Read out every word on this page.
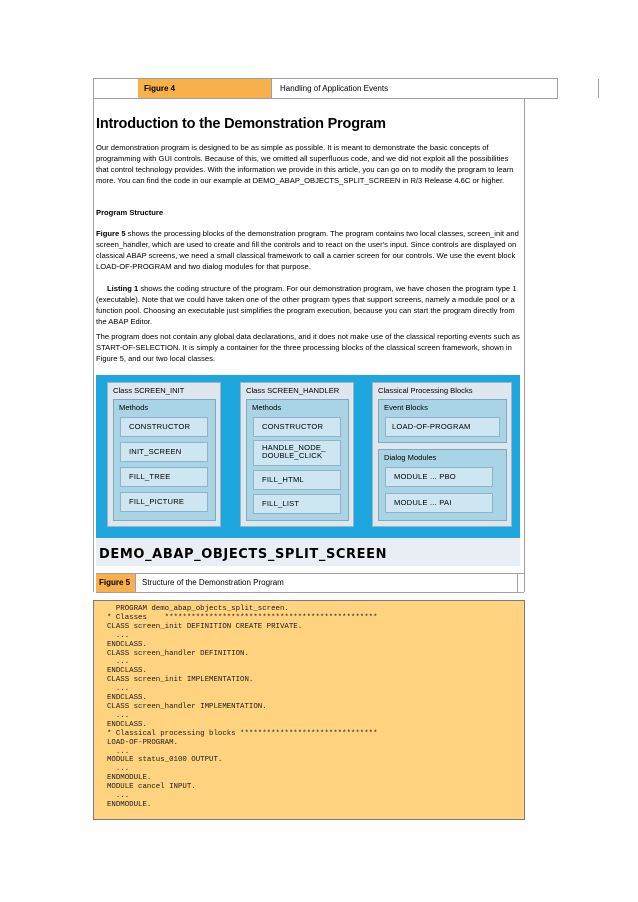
Figure 4	Handling of Application Events
Introduction to the Demonstration Program
Our demonstration program is designed to be as simple as possible. It is meant to demonstrate the basic concepts of programming with GUI controls. Because of this, we omitted all superfluous code, and we did not exploit all the possibilities that control technology provides. With the information we provide in this article, you can go on to modify the program to learn more. You can find the code in our example at DEMO_ABAP_OBJECTS_SPLIT_SCREEN in R/3 Release 4.6C or higher.
Program Structure
Figure 5 shows the processing blocks of the demonstration program. The program contains two local classes, screen_init and screen_handler, which are used to create and fill the controls and to react on the user's input. Since controls are displayed on classical ABAP screens, we need a small classical framework to call a carrier screen for our controls. We use the event block LOAD-OF-PROGRAM and two dialog modules for that purpose.
Listing 1 shows the coding structure of the program. For our demonstration program, we have chosen the program type 1 (executable). Note that we could have taken one of the other program types that support screens, namely a module pool or a function pool. Choosing an executable just simplifies the program execution, because you can start the program directly from the ABAP Editor.
The program does not contain any global data declarations, and it does not make use of the classical reporting events such as START-OF-SELECTION. It is simply a container for the three processing blocks of the classical screen framework, shown in Figure 5, and our two local classes.
Class SCREEN_INIT
Methods
CONSTRUCTOR
INIT_SCREEN
FILL_TREE
FILL_PICTURE
Class SCREEN_HANDLER
Methods
CONSTRUCTOR
HANDLE_NODE_
DOUBLE_CLICK
FILL_HTML
FILL_LIST
Classical Processing Blocks
Event Blocks
LOAD-OF-PROGRAM
Dialog Modules
MODULE ... PBO
MODULE ... PAI
DEMO_ABAP_OBJECTS_SPLIT_SCREEN
Figure 5	Structure of the Demonstration Program
PROGRAM demo_abap_objects_split_screen.
* Classes    ************************************************
CLASS screen_init DEFINITION CREATE PRIVATE.
...
ENDCLASS.
CLASS screen_handler DEFINITION.
...
ENDCLASS.
CLASS screen_init IMPLEMENTATION.
...
ENDCLASS.
CLASS screen_handler IMPLEMENTATION.
...
ENDCLASS.
* Classical processing blocks *******************************
LOAD-OF-PROGRAM.
...
MODULE status_0100 OUTPUT.
...
ENDMODULE.
MODULE cancel INPUT.
...
ENDMODULE.
